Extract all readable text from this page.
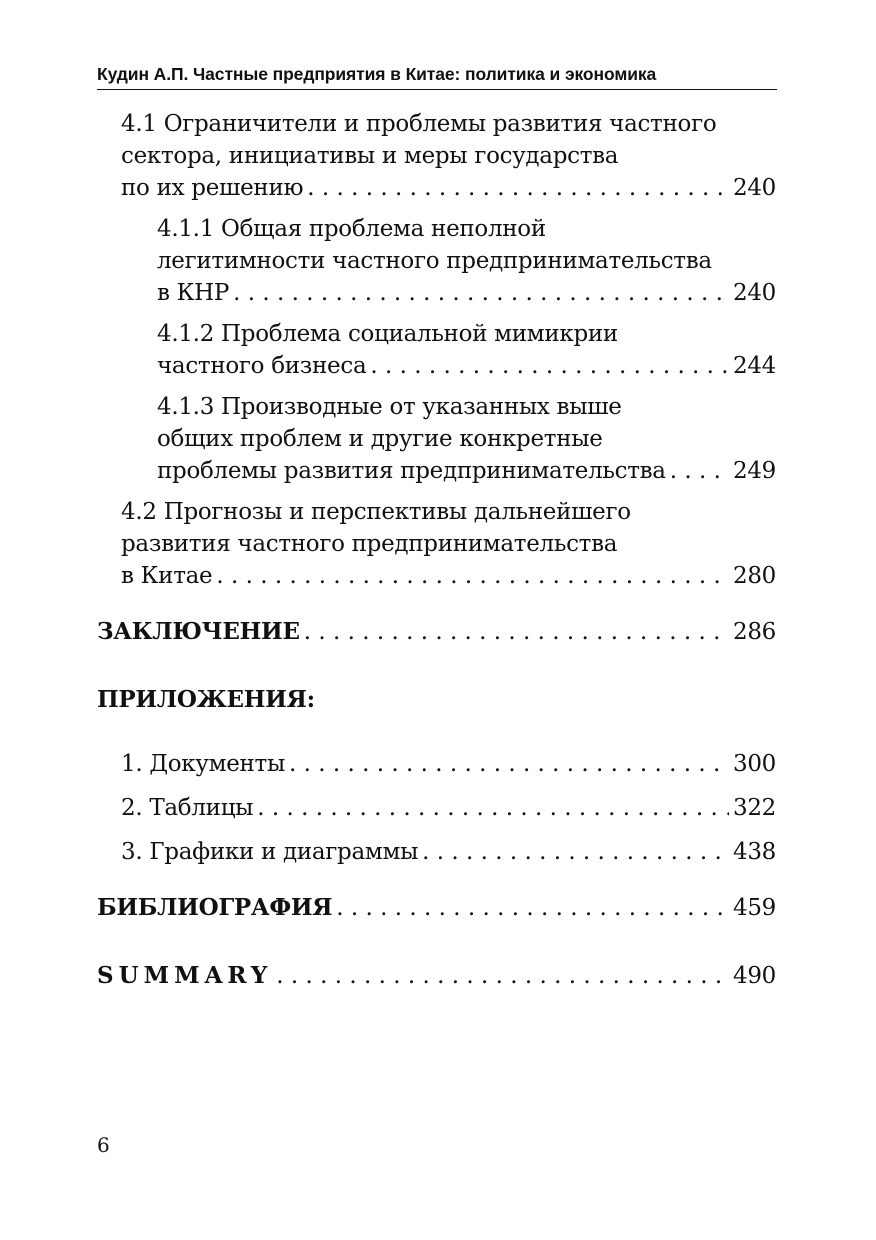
Кудин А.П. Частные предприятия в Китае: политика и экономика
4.1 Ограничители и проблемы развития частного
сектора, инициативы и меры государства
по их решению . . .	240
4.1.1 Общая проблема неполной
легитимности частного предпринимательства
в КНР . . .	240
4.1.2 Проблема социальной мимикрии
частного бизнеса . . .	244
4.1.3 Производные от указанных выше
общих проблем и другие конкретные
проблемы развития предпринимательства . . .	249
4.2 Прогнозы и перспективы дальнейшего
развития частного предпринимательства
в Китае . . .	280
ЗАКЛЮЧЕНИЕ . . .	286
ПРИЛОЖЕНИЯ:
1. Документы . . .	300
2. Таблицы . . .	322
3. Графики и диаграммы . . .	438
БИБЛИОГРАФИЯ . . .	459
SUMMARY . . .	490
6
